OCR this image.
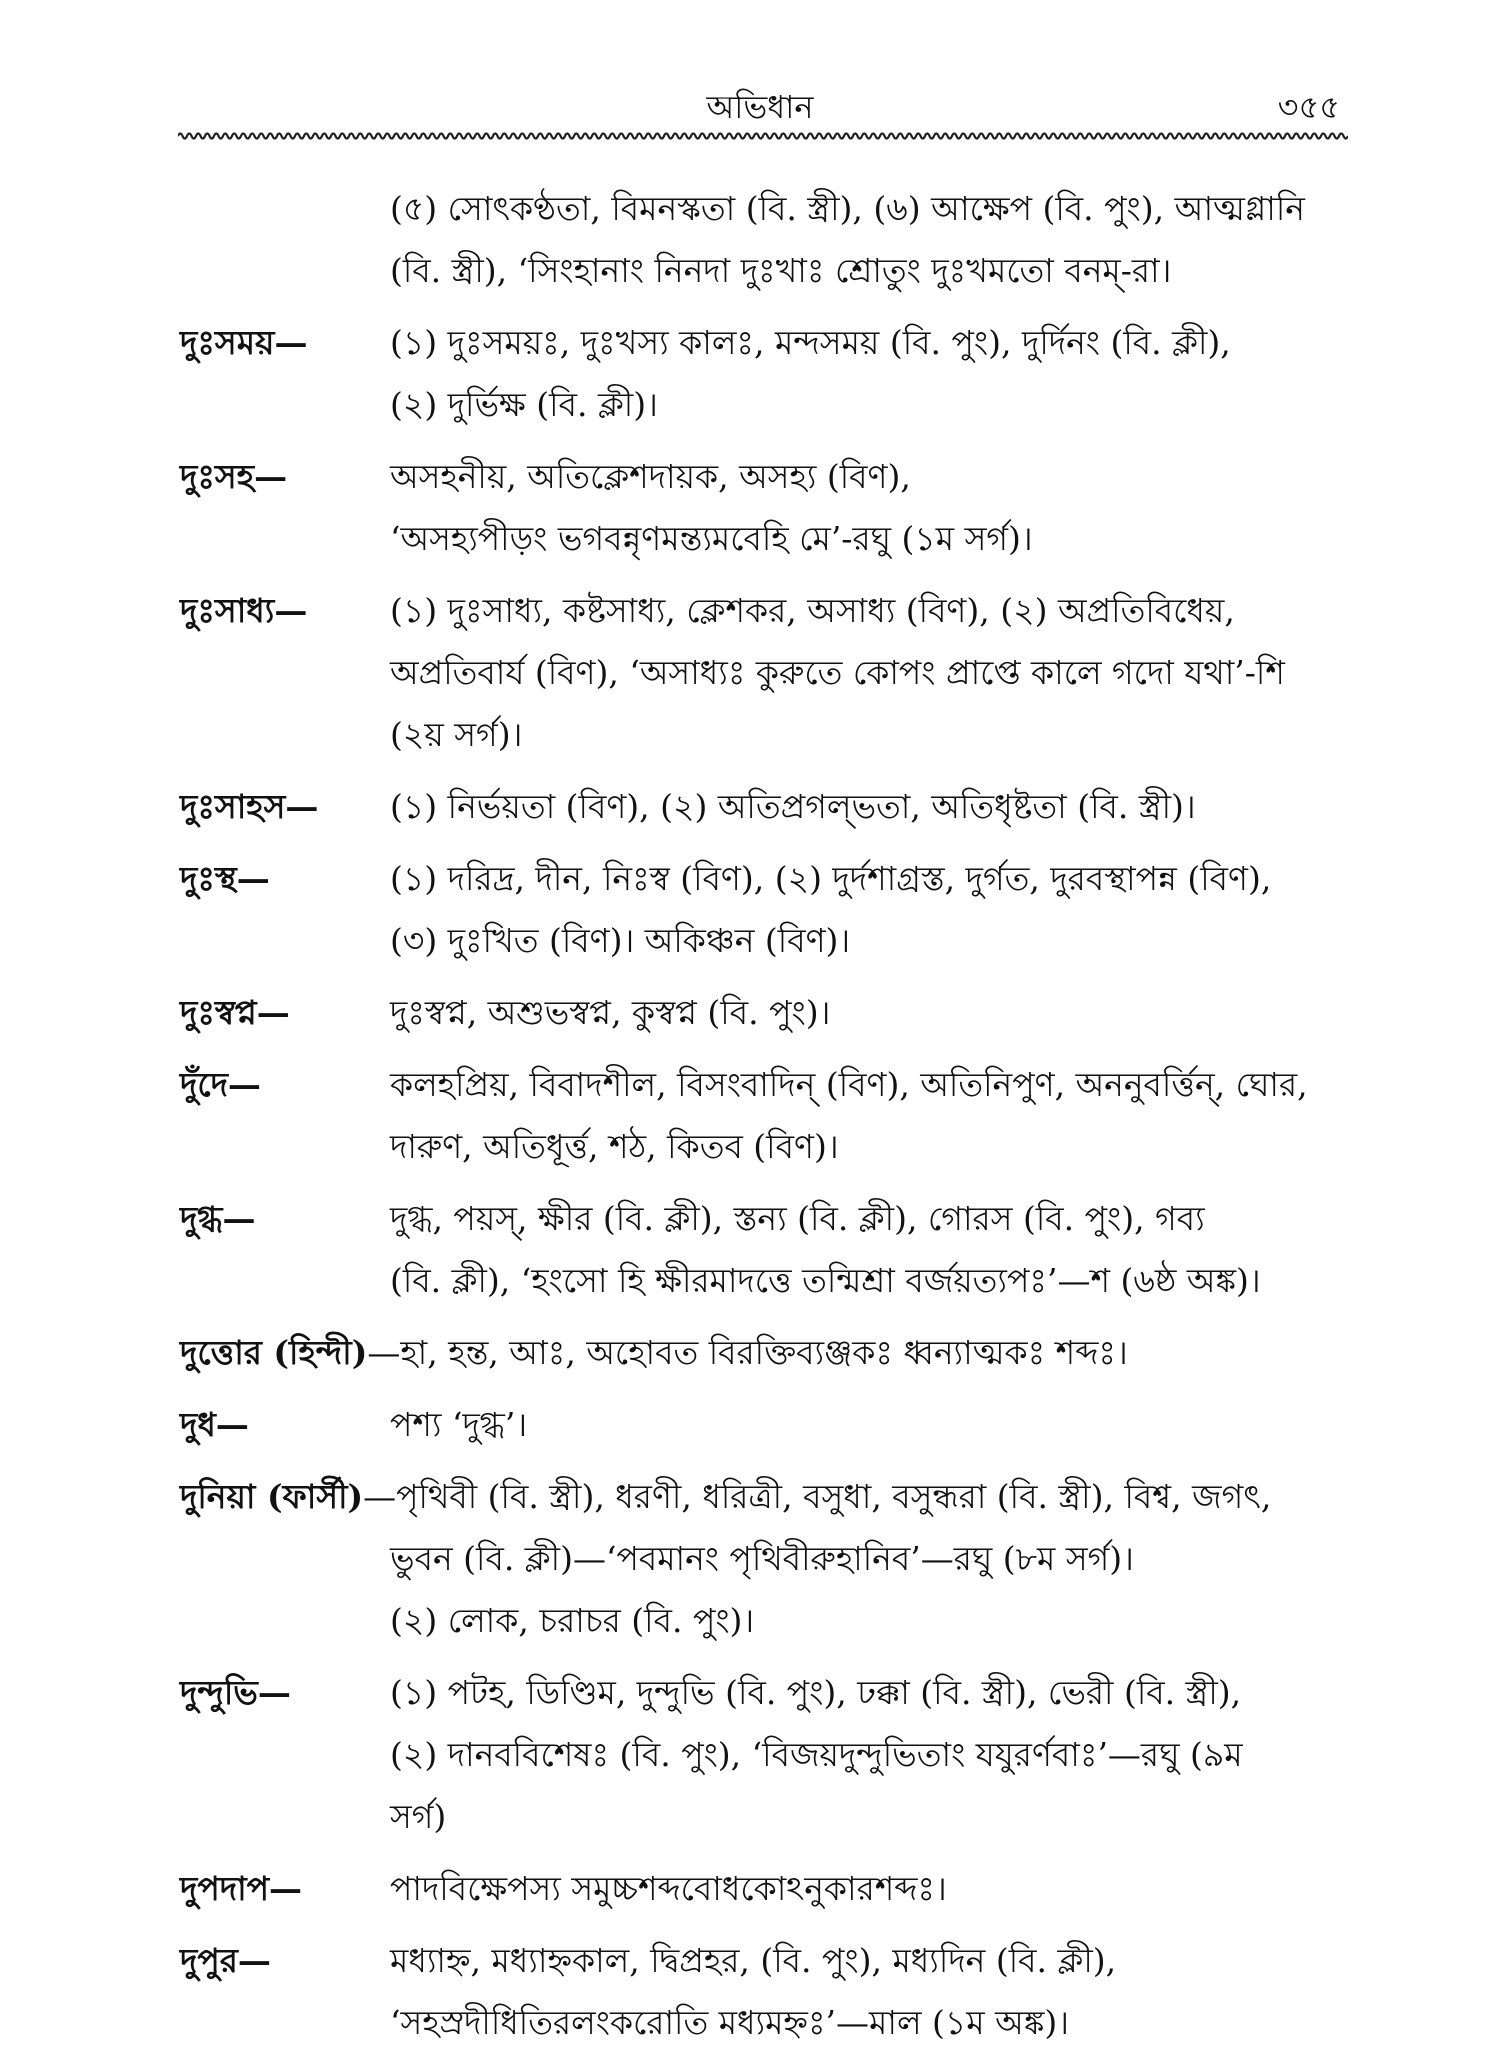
অভিধান	৩৫৫
(৫) সোৎকণ্ঠতা, বিমনস্কতা (বি. স্ত্রী), (৬) আক্ষেপ (বি. পুং), আত্মগ্লানি
(বি. স্ত্রী), ‘সিংহানাং নিনদা দুঃখাঃ শ্রোতুং দুঃখমতো বনম্-রা।
দুঃসময়—	(১) দুঃসময়ঃ, দুঃখস্য কালঃ, মন্দসময় (বি. পুং), দুর্দিনং (বি. ক্লী),
(২) দুর্ভিক্ষ (বি. ক্লী)।
দুঃসহ—	অসহনীয়, অতিক্লেশদায়ক, অসহ্য (বিণ),
‘অসহ্যপীড়ং ভগবন্নৃণমন্ত্যমবেহি মে’-রঘু (১ম সর্গ)।
দুঃসাধ্য—	(১) দুঃসাধ্য, কষ্টসাধ্য, ক্লেশকর, অসাধ্য (বিণ), (২) অপ্রতিবিধেয়,
অপ্রতিবার্য (বিণ), ‘অসাধ্যঃ কুরুতে কোপং প্রাপ্তে কালে গদো যথা’-শি
(২য় সর্গ)।
দুঃসাহস—	(১) নির্ভয়তা (বিণ), (২) অতিপ্রগল্ভতা, অতিধৃষ্টতা (বি. স্ত্রী)।
দুঃস্থ—	(১) দরিদ্র, দীন, নিঃস্ব (বিণ), (২) দুর্দশাগ্রস্ত, দুর্গত, দুরবস্থাপন্ন (বিণ),
(৩) দুঃখিত (বিণ)। অকিঞ্চন (বিণ)।
দুঃস্বপ্ন—	দুঃস্বপ্ন, অশুভস্বপ্ন, কুস্বপ্ন (বি. পুং)।
দুঁদে—	কলহপ্রিয়, বিবাদশীল, বিসংবাদিন্ (বিণ), অতিনিপুণ, অননুবর্ত্তিন্, ঘোর,
দারুণ, অতিধূর্ত্ত, শঠ, কিতব (বিণ)।
দুগ্ধ—	দুগ্ধ, পয়স্, ক্ষীর (বি. ক্লী), স্তন্য (বি. ক্লী), গোরস (বি. পুং), গব্য
(বি. ক্লী), ‘হংসো হি ক্ষীরমাদত্তে তন্মিশ্রা বর্জয়ত্যপঃ’—শ (৬ষ্ঠ অঙ্ক)।
দুত্তোর (হিন্দী)—হা, হন্ত, আঃ, অহোবত বিরক্তিব্যঞ্জকঃ ধ্বন্যাত্মকঃ শব্দঃ।
দুধ—	পশ্য ‘দুগ্ধ’।
দুনিয়া (ফার্সী)—পৃথিবী (বি. স্ত্রী), ধরণী, ধরিত্রী, বসুধা, বসুন্ধরা (বি. স্ত্রী), বিশ্ব, জগৎ,
ভুবন (বি. ক্লী)—‘পবমানং পৃথিবীরুহানিব’—রঘু (৮ম সর্গ)।
(২) লোক, চরাচর (বি. পুং)।
দুন্দুভি—	(১) পটহ, ডিণ্ডিম, দুন্দুভি (বি. পুং), ঢক্কা (বি. স্ত্রী), ভেরী (বি. স্ত্রী),
(২) দানববিশেষঃ (বি. পুং), ‘বিজয়দুন্দুভিতাং যযুরর্ণবাঃ’—রঘু (৯ম
সর্গ)
দুপদাপ—	পাদবিক্ষেপস্য সমুচ্চশব্দবোধকোঽনুকারশব্দঃ।
দুপুর—	মধ্যাহ্ন, মধ্যাহ্নকাল, দ্বিপ্রহর, (বি. পুং), মধ্যদিন (বি. ক্লী),
‘সহস্রদীধিতিরলংকরোতি মধ্যমহ্নঃ’—মাল (১ম অঙ্ক)।
